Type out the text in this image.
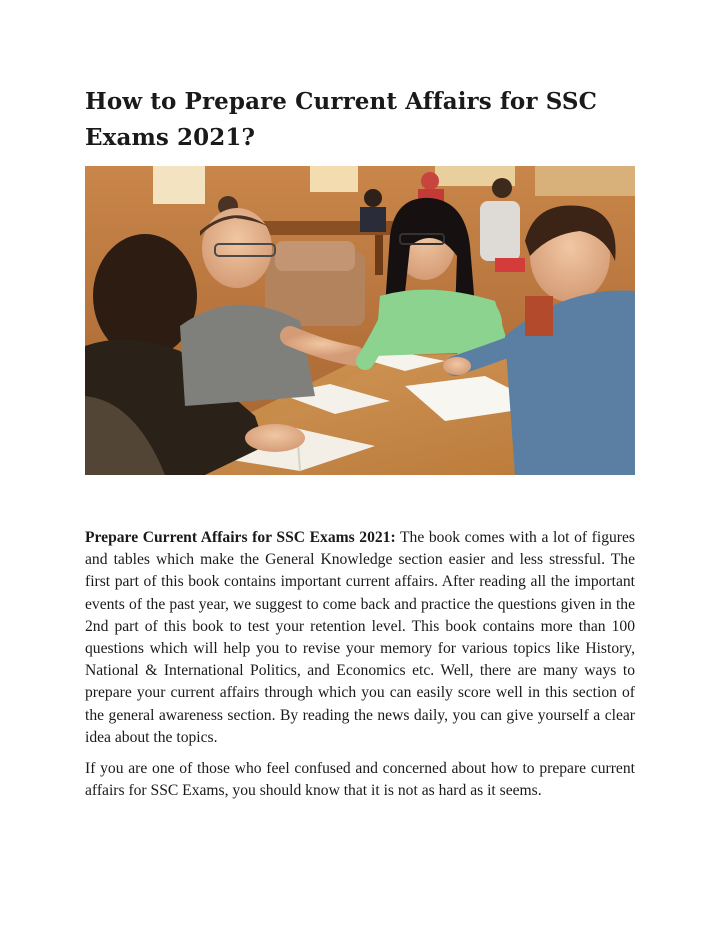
How to Prepare Current Affairs for SSC Exams 2021?

Prepare Current Affairs for SSC Exams 2021: The book comes with a lot of figures and tables which make the General Knowledge section easier and less stressful. The first part of this book contains important current affairs. After reading all the important events of the past year, we suggest to come back and practice the questions given in the 2nd part of this book to test your retention level. This book contains more than 100 questions which will help you to revise your memory for various topics like History, National & International Politics, and Economics etc. Well, there are many ways to prepare your current affairs through which you can easily score well in this section of the general awareness section. By reading the news daily, you can give yourself a clear idea about the topics.

If you are one of those who feel confused and concerned about how to prepare current affairs for SSC Exams, you should know that it is not as hard as it seems.
